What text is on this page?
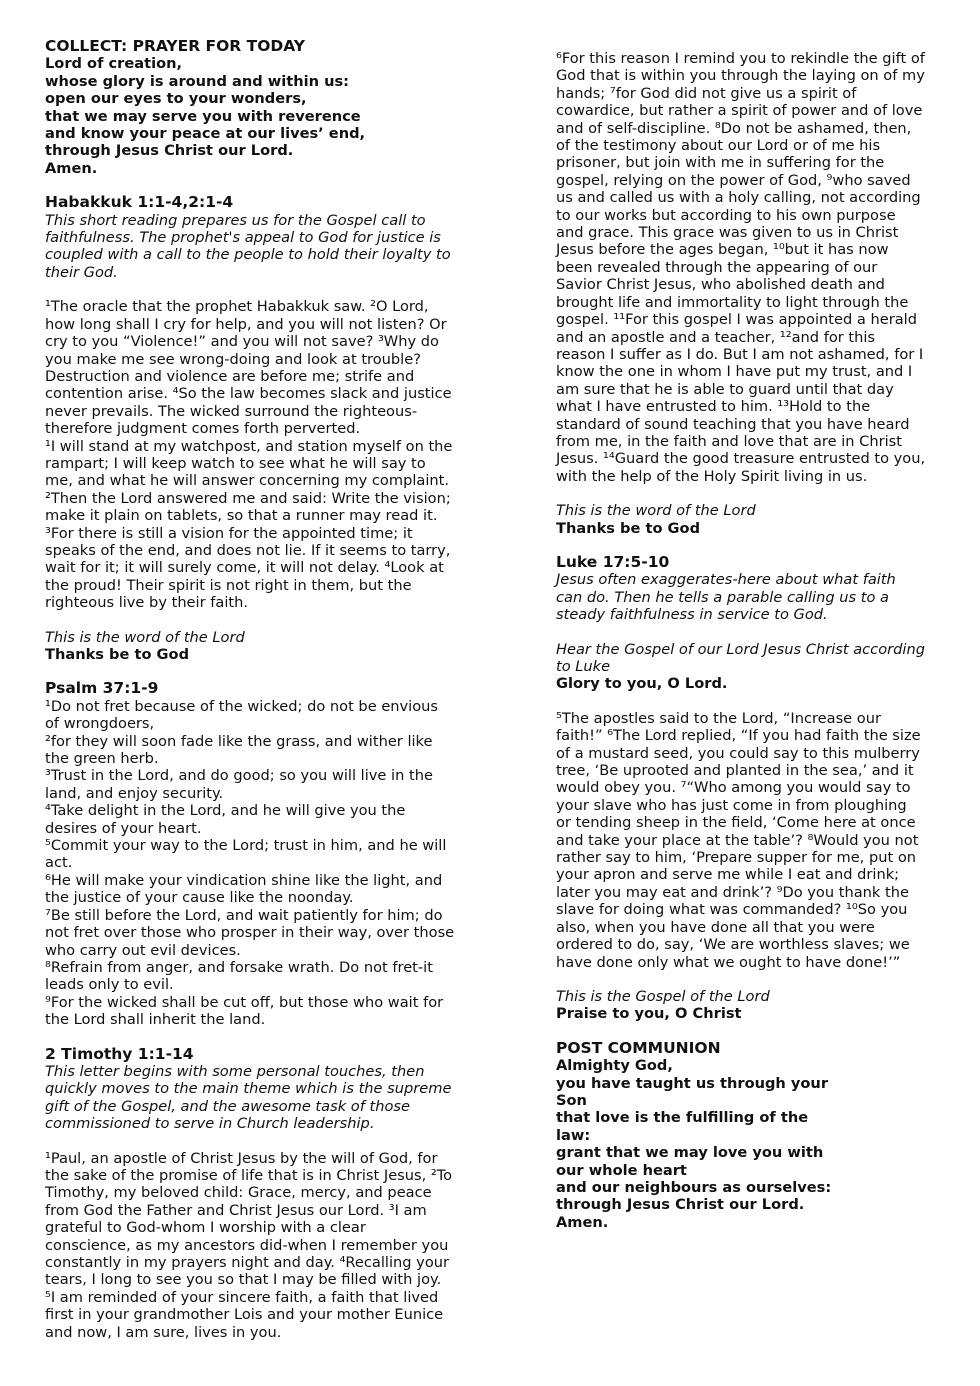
COLLECT: PRAYER FOR TODAY
Lord of creation,
whose glory is around and within us:
open our eyes to your wonders,
that we may serve you with reverence
and know your peace at our lives’ end,
through Jesus Christ our Lord.
Amen.
Habakkuk 1:1-4,2:1-4

This short reading prepares us for the Gospel call to faithfulness. The prophet's appeal to God for justice is coupled with a call to the people to hold their loyalty to their God.

¹The oracle that the prophet Habakkuk saw. ²O Lord, how long shall I cry for help, and you will not listen? Or cry to you “Violence!” and you will not save? ³Why do you make me see wrong-doing and look at trouble? Destruction and violence are before me; strife and contention arise. ⁴So the law becomes slack and justice never prevails. The wicked surround the righteous-therefore judgment comes forth perverted.

¹I will stand at my watchpost, and station myself on the rampart; I will keep watch to see what he will say to me, and what he will answer concerning my complaint. ²Then the Lord answered me and said: Write the vision; make it plain on tablets, so that a runner may read it. ³For there is still a vision for the appointed time; it speaks of the end, and does not lie. If it seems to tarry, wait for it; it will surely come, it will not delay. ⁴Look at the proud! Their spirit is not right in them, but the righteous live by their faith.

This is the word of the Lord

Thanks be to God

Psalm 37:1-9

¹Do not fret because of the wicked; do not be envious of wrongdoers,

²for they will soon fade like the grass, and wither like the green herb.

³Trust in the Lord, and do good; so you will live in the land, and enjoy security.

⁴Take delight in the Lord, and he will give you the desires of your heart.

⁵Commit your way to the Lord; trust in him, and he will act.

⁶He will make your vindication shine like the light, and the justice of your cause like the noonday.

⁷Be still before the Lord, and wait patiently for him; do not fret over those who prosper in their way, over those who carry out evil devices.

⁸Refrain from anger, and forsake wrath. Do not fret-it leads only to evil.

⁹For the wicked shall be cut off, but those who wait for the Lord shall inherit the land.

2 Timothy 1:1-14

This letter begins with some personal touches, then quickly moves to the main theme which is the supreme gift of the Gospel, and the awesome task of those commissioned to serve in Church leadership.

¹Paul, an apostle of Christ Jesus by the will of God, for the sake of the promise of life that is in Christ Jesus, ²To Timothy, my beloved child: Grace, mercy, and peace from God the Father and Christ Jesus our Lord. ³I am grateful to God-whom I worship with a clear conscience, as my ancestors did-when I remember you constantly in my prayers night and day. ⁴Recalling your tears, I long to see you so that I may be filled with joy. ⁵I am reminded of your sincere faith, a faith that lived first in your grandmother Lois and your mother Eunice and now, I am sure, lives in you.

⁶For this reason I remind you to rekindle the gift of God that is within you through the laying on of my hands; ⁷for God did not give us a spirit of cowardice, but rather a spirit of power and of love and of self-discipline. ⁸Do not be ashamed, then, of the testimony about our Lord or of me his prisoner, but join with me in suffering for the gospel, relying on the power of God, ⁹who saved us and called us with a holy calling, not according to our works but according to his own purpose and grace. This grace was given to us in Christ Jesus before the ages began, ¹⁰but it has now been revealed through the appearing of our Savior Christ Jesus, who abolished death and brought life and immortality to light through the gospel. ¹¹For this gospel I was appointed a herald and an apostle and a teacher, ¹²and for this reason I suffer as I do. But I am not ashamed, for I know the one in whom I have put my trust, and I am sure that he is able to guard until that day what I have entrusted to him. ¹³Hold to the standard of sound teaching that you have heard from me, in the faith and love that are in Christ Jesus. ¹⁴Guard the good treasure entrusted to you, with the help of the Holy Spirit living in us.

This is the word of the Lord

Thanks be to God

Luke 17:5-10

Jesus often exaggerates-here about what faith can do. Then he tells a parable calling us to a steady faithfulness in service to God.

Hear the Gospel of our Lord Jesus Christ according to Luke

Glory to you, O Lord.

⁵The apostles said to the Lord, “Increase our faith!” ⁶The Lord replied, “If you had faith the size of a mustard seed, you could say to this mulberry tree, ‘Be uprooted and planted in the sea,’ and it would obey you. ⁷“Who among you would say to your slave who has just come in from ploughing or tending sheep in the field, ‘Come here at once and take your place at the table’? ⁸Would you not rather say to him, ‘Prepare supper for me, put on your apron and serve me while I eat and drink; later you may eat and drink’? ⁹Do you thank the slave for doing what was commanded? ¹⁰So you also, when you have done all that you were ordered to do, say, ‘We are worthless slaves; we have done only what we ought to have done!’”

This is the Gospel of the Lord

Praise to you, O Christ

POST COMMUNION
Almighty God,
you have taught us through your Son
that love is the fulfilling of the law:
grant that we may love you with our whole heart
and our neighbours as ourselves:
through Jesus Christ our Lord.
Amen.
